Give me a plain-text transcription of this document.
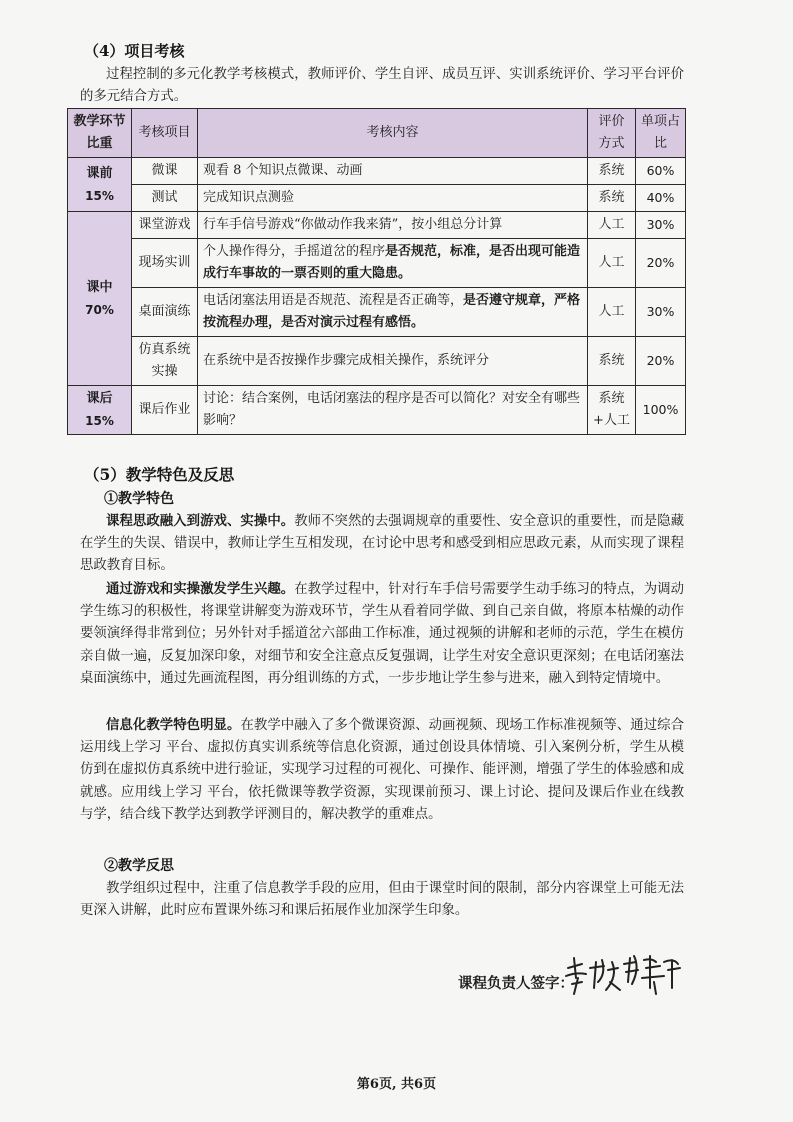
（4）项目考核

过程控制的多元化教学考核模式，教师评价、学生自评、成员互评、实训系统评价、学习平台评价的多元结合方式。

教学环节比重	考核项目	考核内容	评价方式	单项占比

课前
15%	微课	观看 8 个知识点微课、动画	系统	60%
	测试	完成知识点测验	系统	40%

课中
70%	课堂游戏	行车手信号游戏“你做动作我来猜”，按小组总分计算	人工	30%
	现场实训	个人操作得分，手摇道岔的程序是否规范，标准，是否出现可能造成行车事故的一票否则的重大隐患。	人工	20%
	桌面演练	电话闭塞法用语是否规范、流程是否正确等，是否遵守规章，严格按流程办理，是否对演示过程有感悟。	人工	30%
	仿真系统实操	在系统中是否按操作步骤完成相关操作，系统评分	系统	20%

课后
15%	课后作业	讨论：结合案例，电话闭塞法的程序是否可以简化？对安全有哪些影响？	系统+人工	100%
（5）教学特色及反思
①教学特色

课程思政融入到游戏、实操中。教师不突然的去强调规章的重要性、安全意识的重要性，而是隐藏在学生的失误、错误中，教师让学生互相发现，在讨论中思考和感受到相应思政元素，从而实现了课程思政教育目标。

通过游戏和实操激发学生兴趣。在教学过程中，针对行车手信号需要学生动手练习的特点，为调动学生练习的积极性，将课堂讲解变为游戏环节，学生从看着同学做、到自己亲自做，将原本枯燥的动作要领演绎得非常到位；另外针对手摇道岔六部曲工作标准，通过视频的讲解和老师的示范，学生在模仿亲自做一遍，反复加深印象，对细节和安全注意点反复强调，让学生对安全意识更深刻；在电话闭塞法桌面演练中，通过先画流程图，再分组训练的方式，一步步地让学生参与进来，融入到特定情境中。

信息化教学特色明显。在教学中融入了多个微课资源、动画视频、现场工作标准视频等、通过综合运用线上学习 平台、虚拟仿真实训系统等信息化资源，通过创设具体情境、引入案例分析，学生从模仿到在虚拟仿真系统中进行验证，实现学习过程的可视化、可操作、能评测，增强了学生的体验感和成就感。应用线上学习 平台，依托微课等教学资源，实现课前预习、课上讨论、提问及课后作业在线教与学，结合线下教学达到教学评测目的，解决教学的重难点。

②教学反思

教学组织过程中，注重了信息教学手段的应用，但由于课堂时间的限制，部分内容课堂上可能无法更深入讲解，此时应布置课外练习和课后拓展作业加深学生印象。

课程负责人签字：
第6页, 共6页
